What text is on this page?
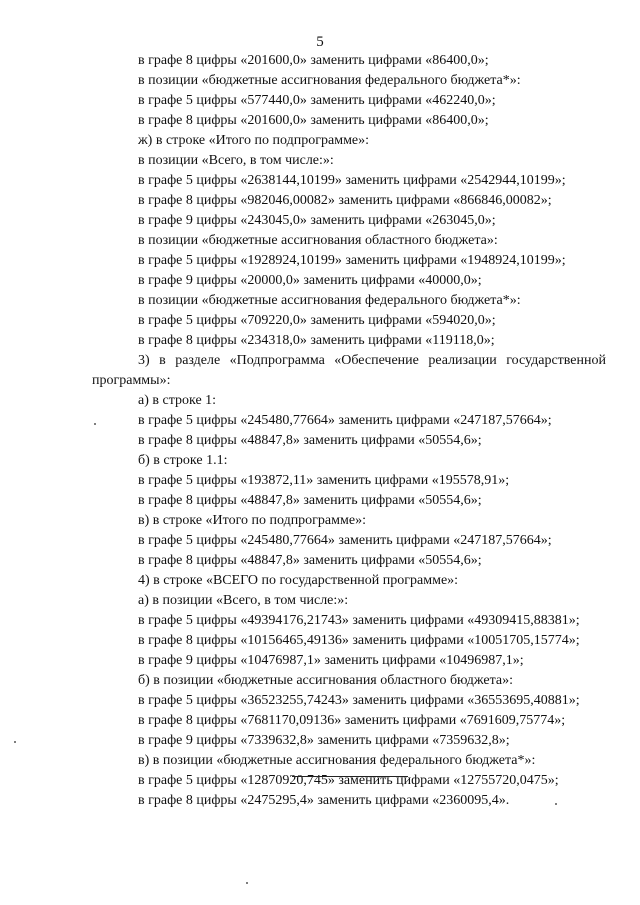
5
в графе 8 цифры «201600,0» заменить цифрами «86400,0»;
в позиции «бюджетные ассигнования федерального бюджета*»:
в графе 5 цифры «577440,0» заменить цифрами «462240,0»;
в графе 8 цифры «201600,0» заменить цифрами «86400,0»;
ж) в строке «Итого по подпрограмме»:
в позиции «Всего, в том числе:»:
в графе 5 цифры «2638144,10199» заменить цифрами «2542944,10199»;
в графе 8 цифры «982046,00082» заменить цифрами «866846,00082»;
в графе 9 цифры «243045,0» заменить цифрами «263045,0»;
в позиции «бюджетные ассигнования областного бюджета»:
в графе 5 цифры «1928924,10199» заменить цифрами «1948924,10199»;
в графе 9 цифры «20000,0» заменить цифрами «40000,0»;
в позиции «бюджетные ассигнования федерального бюджета*»:
в графе 5 цифры «709220,0» заменить цифрами «594020,0»;
в графе 8 цифры «234318,0» заменить цифрами «119118,0»;
3) в разделе «Подпрограмма «Обеспечение реализации государственной
программы»:
а) в строке 1:
в графе 5 цифры «245480,77664» заменить цифрами «247187,57664»;
в графе 8 цифры «48847,8» заменить цифрами «50554,6»;
б) в строке 1.1:
в графе 5 цифры «193872,11» заменить цифрами «195578,91»;
в графе 8 цифры «48847,8» заменить цифрами «50554,6»;
в) в строке «Итого по подпрограмме»:
в графе 5 цифры «245480,77664» заменить цифрами «247187,57664»;
в графе 8 цифры «48847,8» заменить цифрами «50554,6»;
4) в строке «ВСЕГО по государственной программе»:
а) в позиции «Всего, в том числе:»:
в графе 5 цифры «49394176,21743» заменить цифрами «49309415,88381»;
в графе 8 цифры «10156465,49136» заменить цифрами «10051705,15774»;
в графе 9 цифры «10476987,1» заменить цифрами «10496987,1»;
б) в позиции «бюджетные ассигнования областного бюджета»:
в графе 5 цифры «36523255,74243» заменить цифрами «36553695,40881»;
в графе 8 цифры «7681170,09136» заменить цифрами «7691609,75774»;
в графе 9 цифры «7339632,8» заменить цифрами «7359632,8»;
в) в позиции «бюджетные ассигнования федерального бюджета*»:
в графе 5 цифры «12870920,745» заменить цифрами «12755720,0475»;
в графе 8 цифры «2475295,4» заменить цифрами «2360095,4».
